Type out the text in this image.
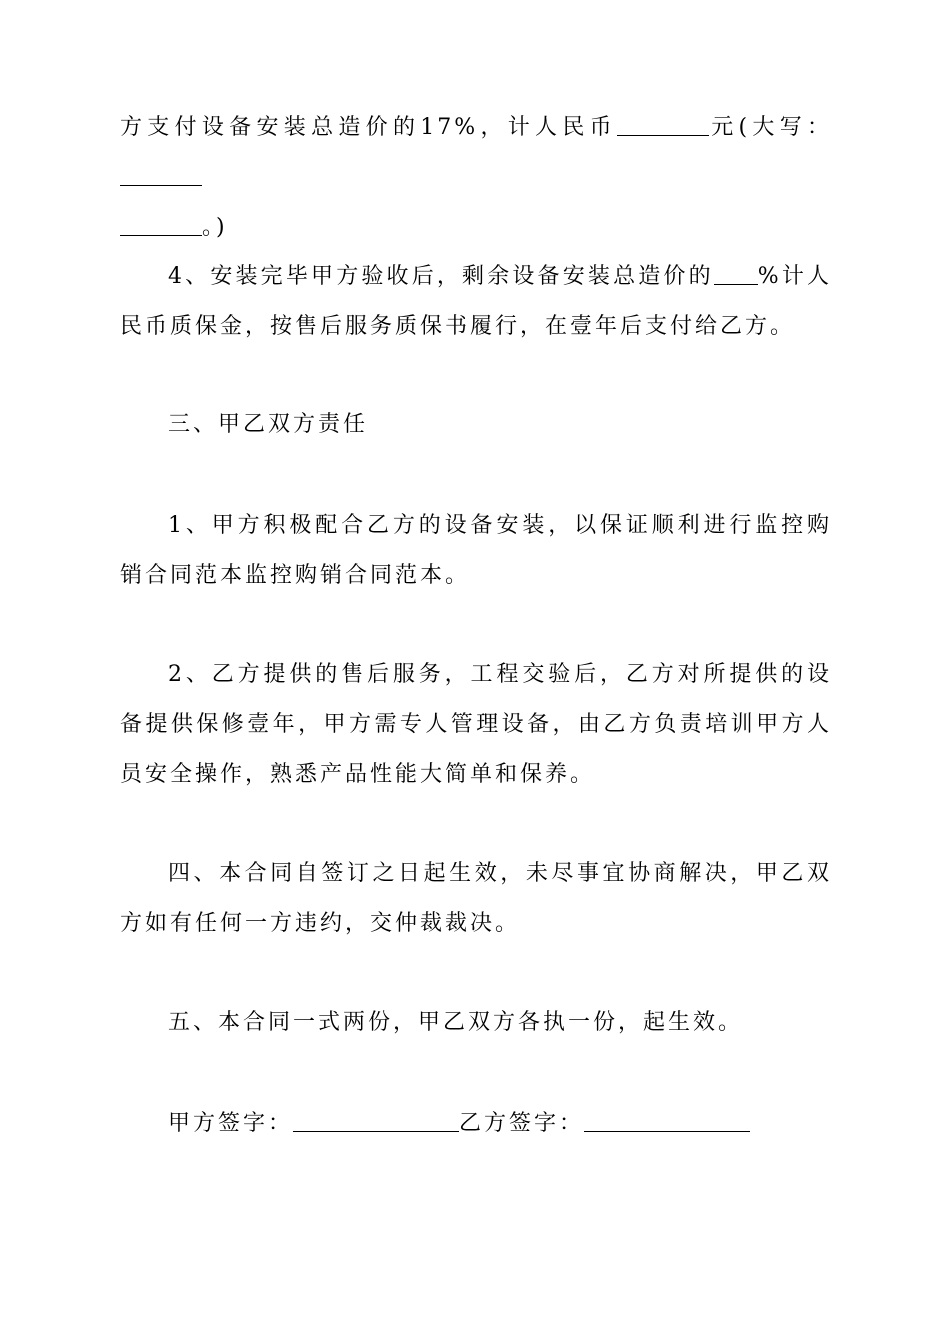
方支付设备安装总造价的17%，计人民币	元(大写：
。)

4、安装完毕甲方验收后，剩余设备安装总造价的 %计人民币质保金，按售后服务质保书履行，在壹年后支付给乙方。

三、甲乙双方责任

1、甲方积极配合乙方的设备安装，以保证顺利进行监控购销合同范本监控购销合同范本。

2、乙方提供的售后服务，工程交验后，乙方对所提供的设备提供保修壹年，甲方需专人管理设备，由乙方负责培训甲方人员安全操作，熟悉产品性能大简单和保养。

四、本合同自签订之日起生效，未尽事宜协商解决，甲乙双方如有任何一方违约，交仲裁裁决。

五、本合同一式两份，甲乙双方各执一份，起生效。

甲方签字：	乙方签字：
